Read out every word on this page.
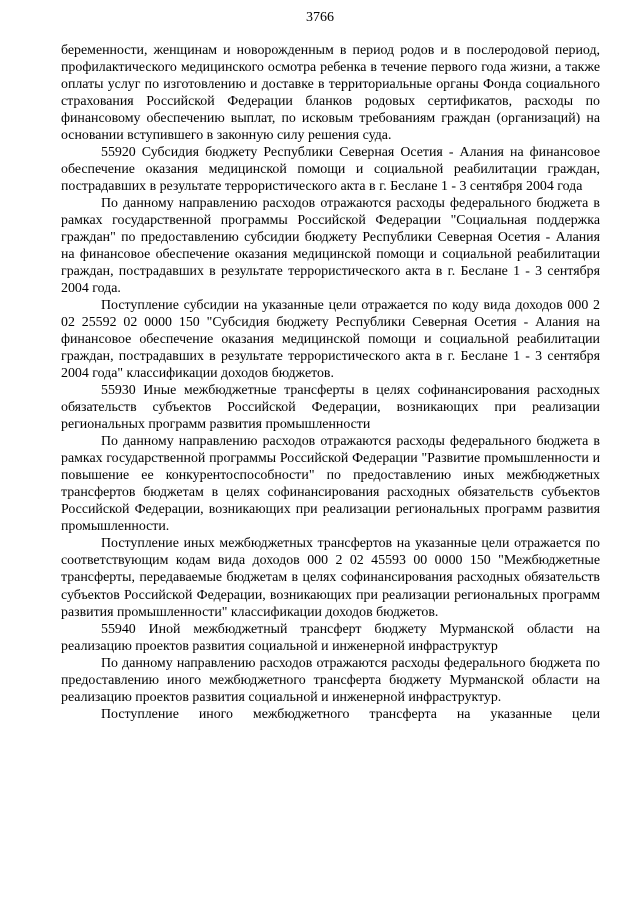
3766

беременности, женщинам и новорожденным в период родов и в послеродовой период, профилактического медицинского осмотра ребенка в течение первого года жизни, а также оплаты услуг по изготовлению и доставке в территориальные органы Фонда социального страхования Российской Федерации бланков родовых сертификатов, расходы по финансовому обеспечению выплат, по исковым требованиям граждан (организаций) на основании вступившего в законную силу решения суда.

55920 Субсидия бюджету Республики Северная Осетия - Алания на финансовое обеспечение оказания медицинской помощи и социальной реабилитации граждан, пострадавших в результате террористического акта в г. Беслане 1 - 3 сентября 2004 года

По данному направлению расходов отражаются расходы федерального бюджета в рамках государственной программы Российской Федерации "Социальная поддержка граждан" по предоставлению субсидии бюджету Республики Северная Осетия - Алания на финансовое обеспечение оказания медицинской помощи и социальной реабилитации граждан, пострадавших в результате террористического акта в г. Беслане 1 - 3 сентября 2004 года.

Поступление субсидии на указанные цели отражается по коду вида доходов 000 2 02 25592 02 0000 150 "Субсидия бюджету Республики Северная Осетия - Алания на финансовое обеспечение оказания медицинской помощи и социальной реабилитации граждан, пострадавших в результате террористического акта в г. Беслане 1 - 3 сентября 2004 года" классификации доходов бюджетов.

55930 Иные межбюджетные трансферты в целях софинансирования расходных обязательств субъектов Российской Федерации, возникающих при реализации региональных программ развития промышленности

По данному направлению расходов отражаются расходы федерального бюджета в рамках государственной программы Российской Федерации "Развитие промышленности и повышение ее конкурентоспособности" по предоставлению иных межбюджетных трансфертов бюджетам в целях софинансирования расходных обязательств субъектов Российской Федерации, возникающих при реализации региональных программ развития промышленности.

Поступление иных межбюджетных трансфертов на указанные цели отражается по соответствующим кодам вида доходов 000 2 02 45593 00 0000 150 "Межбюджетные трансферты, передаваемые бюджетам в целях софинансирования расходных обязательств субъектов Российской Федерации, возникающих при реализации региональных программ развития промышленности" классификации доходов бюджетов.

55940 Иной межбюджетный трансферт бюджету Мурманской области на реализацию проектов развития социальной и инженерной инфраструктур

По данному направлению расходов отражаются расходы федерального бюджета по предоставлению иного межбюджетного трансферта бюджету Мурманской области на реализацию проектов развития социальной и инженерной инфраструктур.

Поступление иного межбюджетного трансферта на указанные цели
